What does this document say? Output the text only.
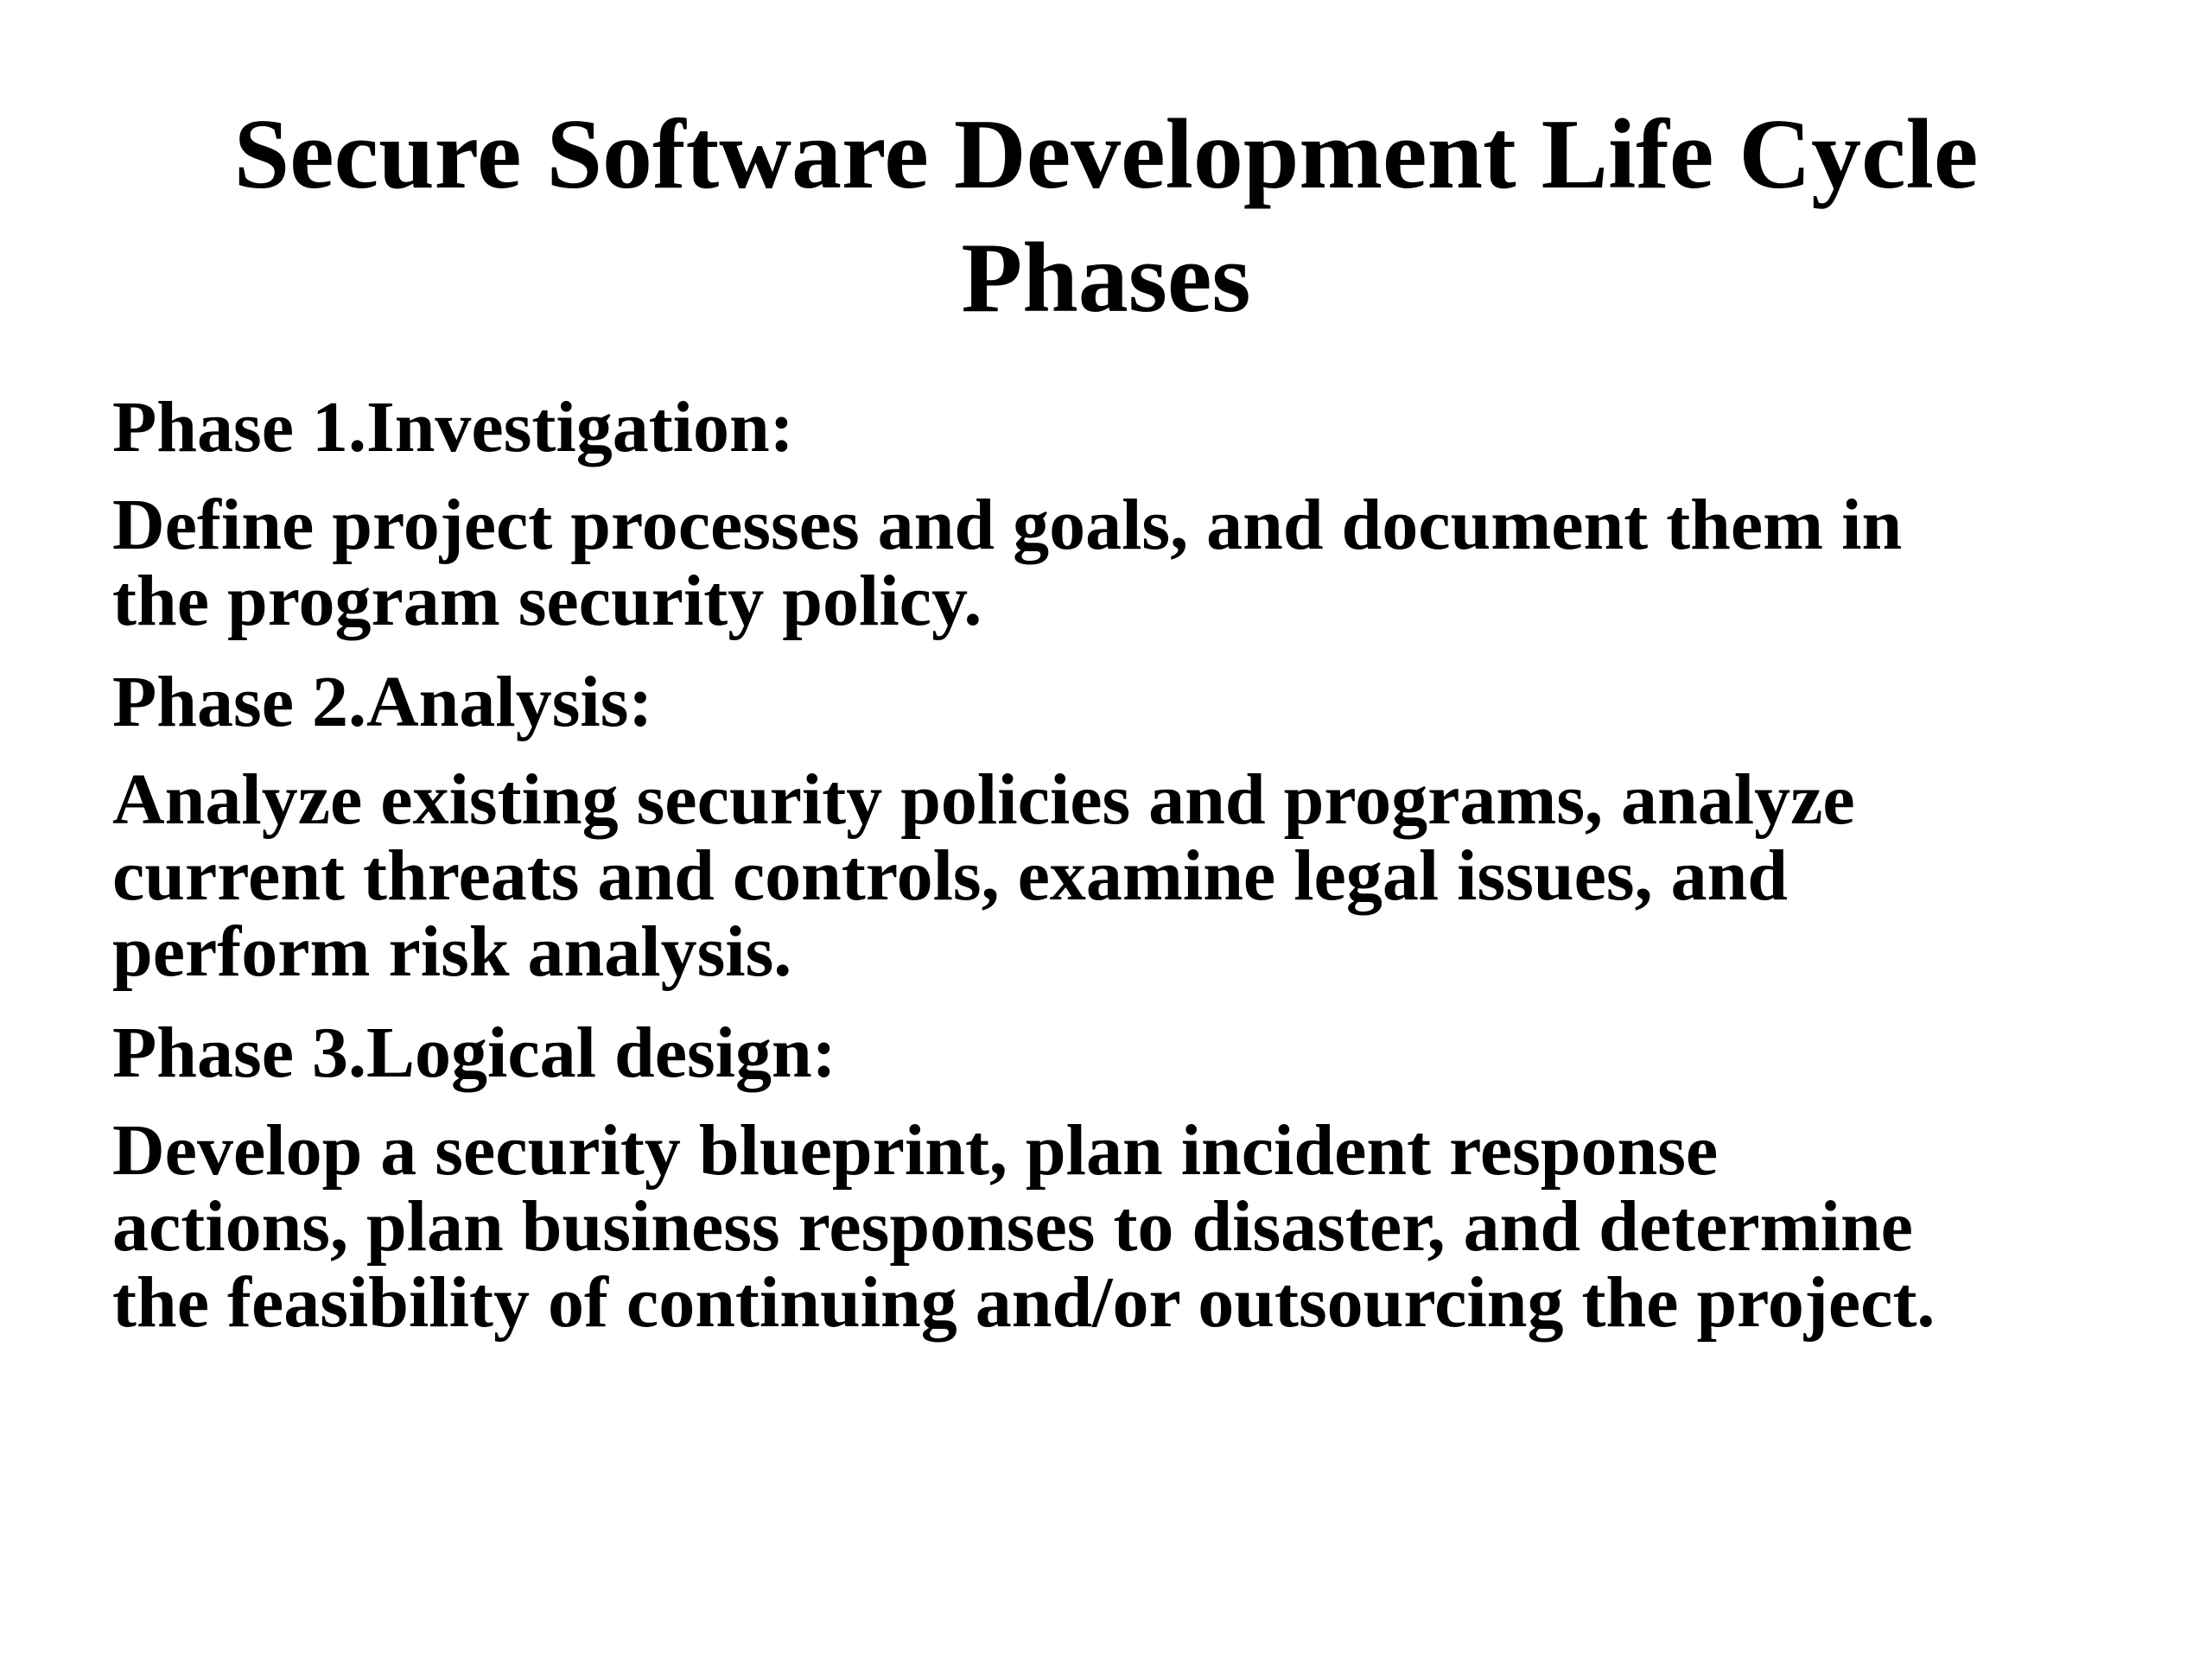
Secure Software Development Life Cycle
Phases

Phase 1.Investigation:

Define project processes and goals, and document them in
the program security policy.

Phase 2.Analysis:

Analyze existing security policies and programs, analyze
current threats and controls, examine legal issues, and
perform risk analysis.

Phase 3.Logical design:

Develop a security blueprint, plan incident response
actions, plan business responses to disaster, and determine
the feasibility of continuing and/or outsourcing the project.
